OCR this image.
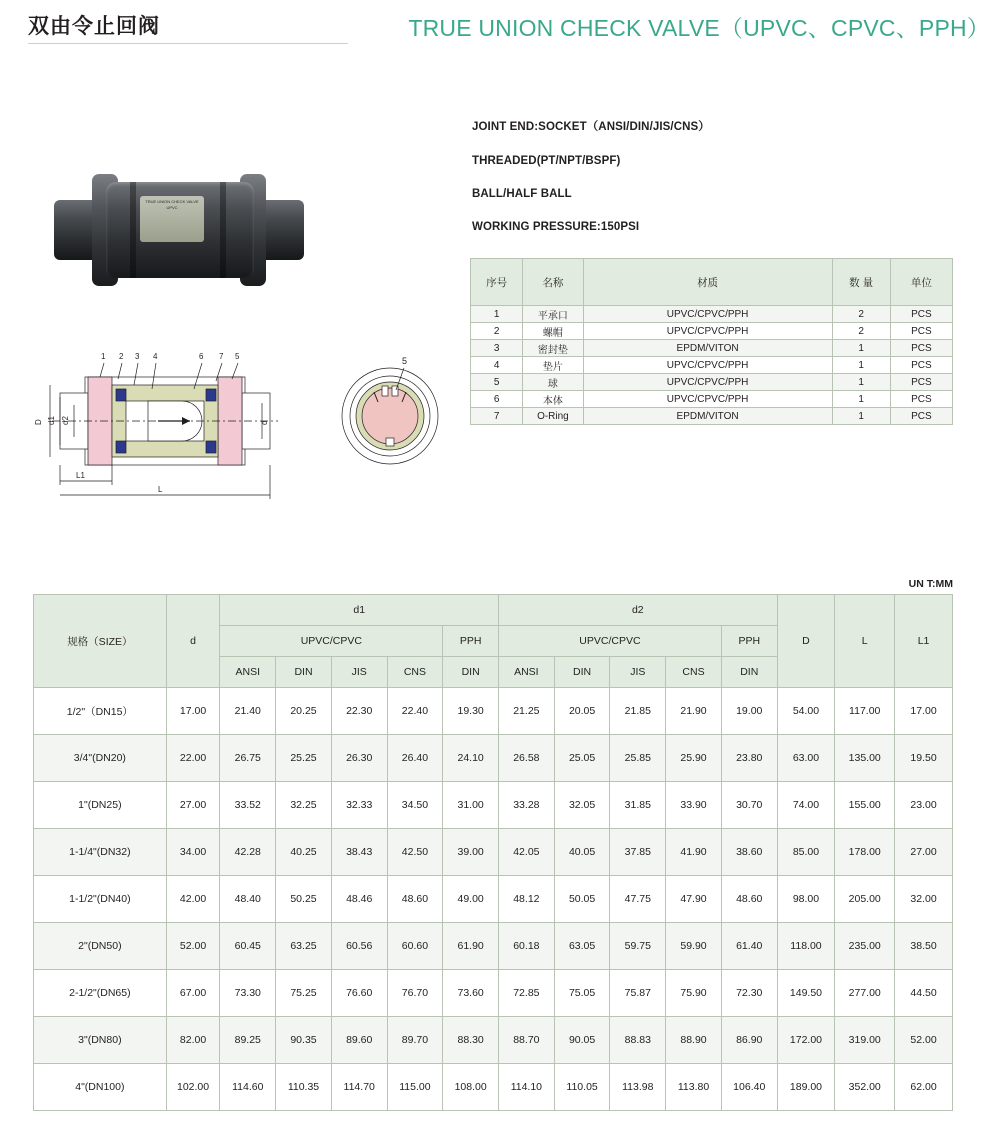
双由令止回阀	TRUE UNION CHECK VALVE（UPVC、CPVC、PPH）
TRUE UNION CHECK VALVE UPVC
1 2 3 4	6 7 5
D d1 d2	d
L1
L
5
JOINT END:SOCKET（ANSI/DIN/JIS/CNS）
THREADED(PT/NPT/BSPF)
BALL/HALF BALL
WORKING PRESSURE:150PSI
序号	名称	材质	数 量	单位
1	平承口	UPVC/CPVC/PPH	2	PCS
2	螺帽	UPVC/CPVC/PPH	2	PCS
3	密封垫	EPDM/VITON	1	PCS
4	垫片	UPVC/CPVC/PPH	1	PCS
5	球	UPVC/CPVC/PPH	1	PCS
6	本体	UPVC/CPVC/PPH	1	PCS
7	O-Ring	EPDM/VITON	1	PCS
UN T:MM
规格（SIZE）	d	d1					d2					D	L	L1
		UPVC/CPVC				PPH	UPVC/CPVC				PPH			
		ANSI	DIN	JIS	CNS	DIN	ANSI	DIN	JIS	CNS	DIN			
1/2"（DN15）	17.00	21.40	20.25	22.30	22.40	19.30	21.25	20.05	21.85	21.90	19.00	54.00	117.00	17.00
3/4"(DN20)	22.00	26.75	25.25	26.30	26.40	24.10	26.58	25.05	25.85	25.90	23.80	63.00	135.00	19.50
1"(DN25)	27.00	33.52	32.25	32.33	34.50	31.00	33.28	32.05	31.85	33.90	30.70	74.00	155.00	23.00
1-1/4"(DN32)	34.00	42.28	40.25	38.43	42.50	39.00	42.05	40.05	37.85	41.90	38.60	85.00	178.00	27.00
1-1/2"(DN40)	42.00	48.40	50.25	48.46	48.60	49.00	48.12	50.05	47.75	47.90	48.60	98.00	205.00	32.00
2"(DN50)	52.00	60.45	63.25	60.56	60.60	61.90	60.18	63.05	59.75	59.90	61.40	118.00	235.00	38.50
2-1/2"(DN65)	67.00	73.30	75.25	76.60	76.70	73.60	72.85	75.05	75.87	75.90	72.30	149.50	277.00	44.50
3"(DN80)	82.00	89.25	90.35	89.60	89.70	88.30	88.70	90.05	88.83	88.90	86.90	172.00	319.00	52.00
4"(DN100)	102.00	114.60	110.35	114.70	115.00	108.00	114.10	110.05	113.98	113.80	106.40	189.00	352.00	62.00
